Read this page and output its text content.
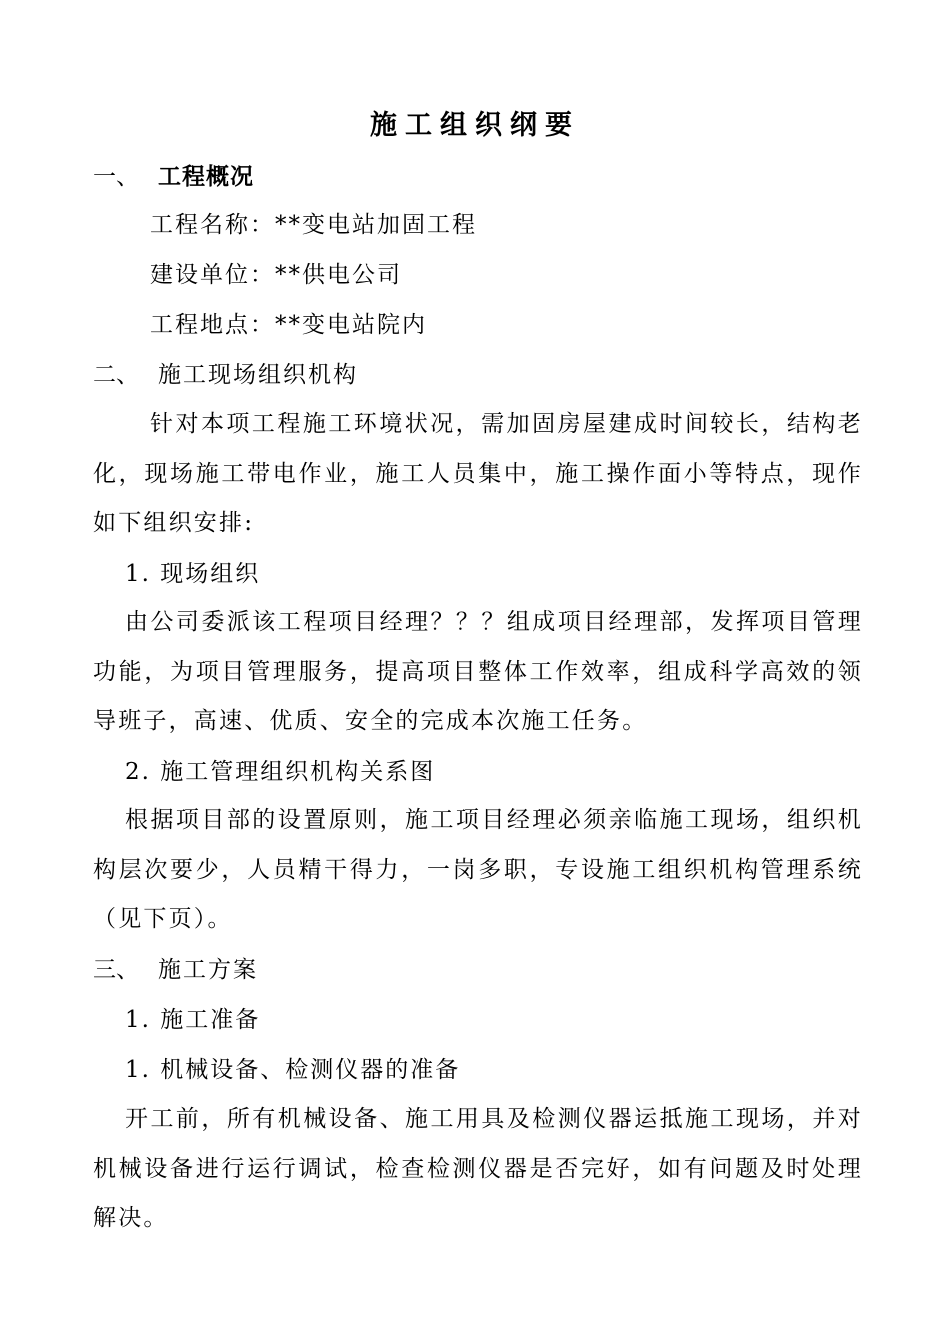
施工组织纲要
一、 工程概况
工程名称：**变电站加固工程
建设单位：**供电公司
工程地点：**变电站院内
二、 施工现场组织机构
针对本项工程施工环境状况，需加固房屋建成时间较长，结构老化，现场施工带电作业，施工人员集中，施工操作面小等特点，现作如下组织安排:
1. 现场组织
由公司委派该工程项目经理？？？组成项目经理部，发挥项目管理功能，为项目管理服务，提高项目整体工作效率，组成科学高效的领导班子，高速、优质、安全的完成本次施工任务。
2. 施工管理组织机构关系图
根据项目部的设置原则，施工项目经理必须亲临施工现场，组织机构层次要少，人员精干得力，一岗多职，专设施工组织机构管理系统（见下页）。
三、 施工方案
1. 施工准备
1. 机械设备、检测仪器的准备
开工前，所有机械设备、施工用具及检测仪器运抵施工现场，并对机械设备进行运行调试，检查检测仪器是否完好，如有问题及时处理解决。
